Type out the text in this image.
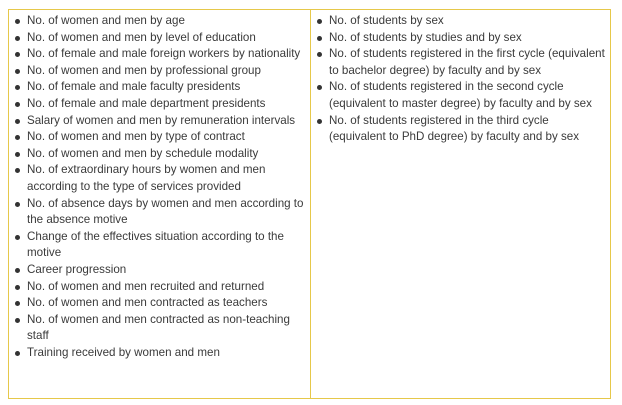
No. of women and men by age
No. of women and men by level of education
No. of female and male foreign workers by nationality
No. of women and men by professional group
No. of female and male faculty presidents
No. of female and male department presidents
Salary of women and men by remuneration intervals
No. of women and men by type of contract
No. of women and men by schedule modality
No. of extraordinary hours by women and men according to the type of services provided
No. of absence days by women and men according to the absence motive
Change of the effectives situation according to the motive
Career progression
No. of women and men recruited and returned
No. of women and men contracted as teachers
No. of women and men contracted as non-teaching staff
Training received by women and men
No. of students by sex
No. of students by studies and by sex
No. of students registered in the first cycle (equivalent to bachelor degree) by faculty and by sex
No. of students registered in the second cycle (equivalent to master degree) by faculty and by sex
No. of students registered in the third cycle (equivalent to PhD degree) by faculty and by sex
